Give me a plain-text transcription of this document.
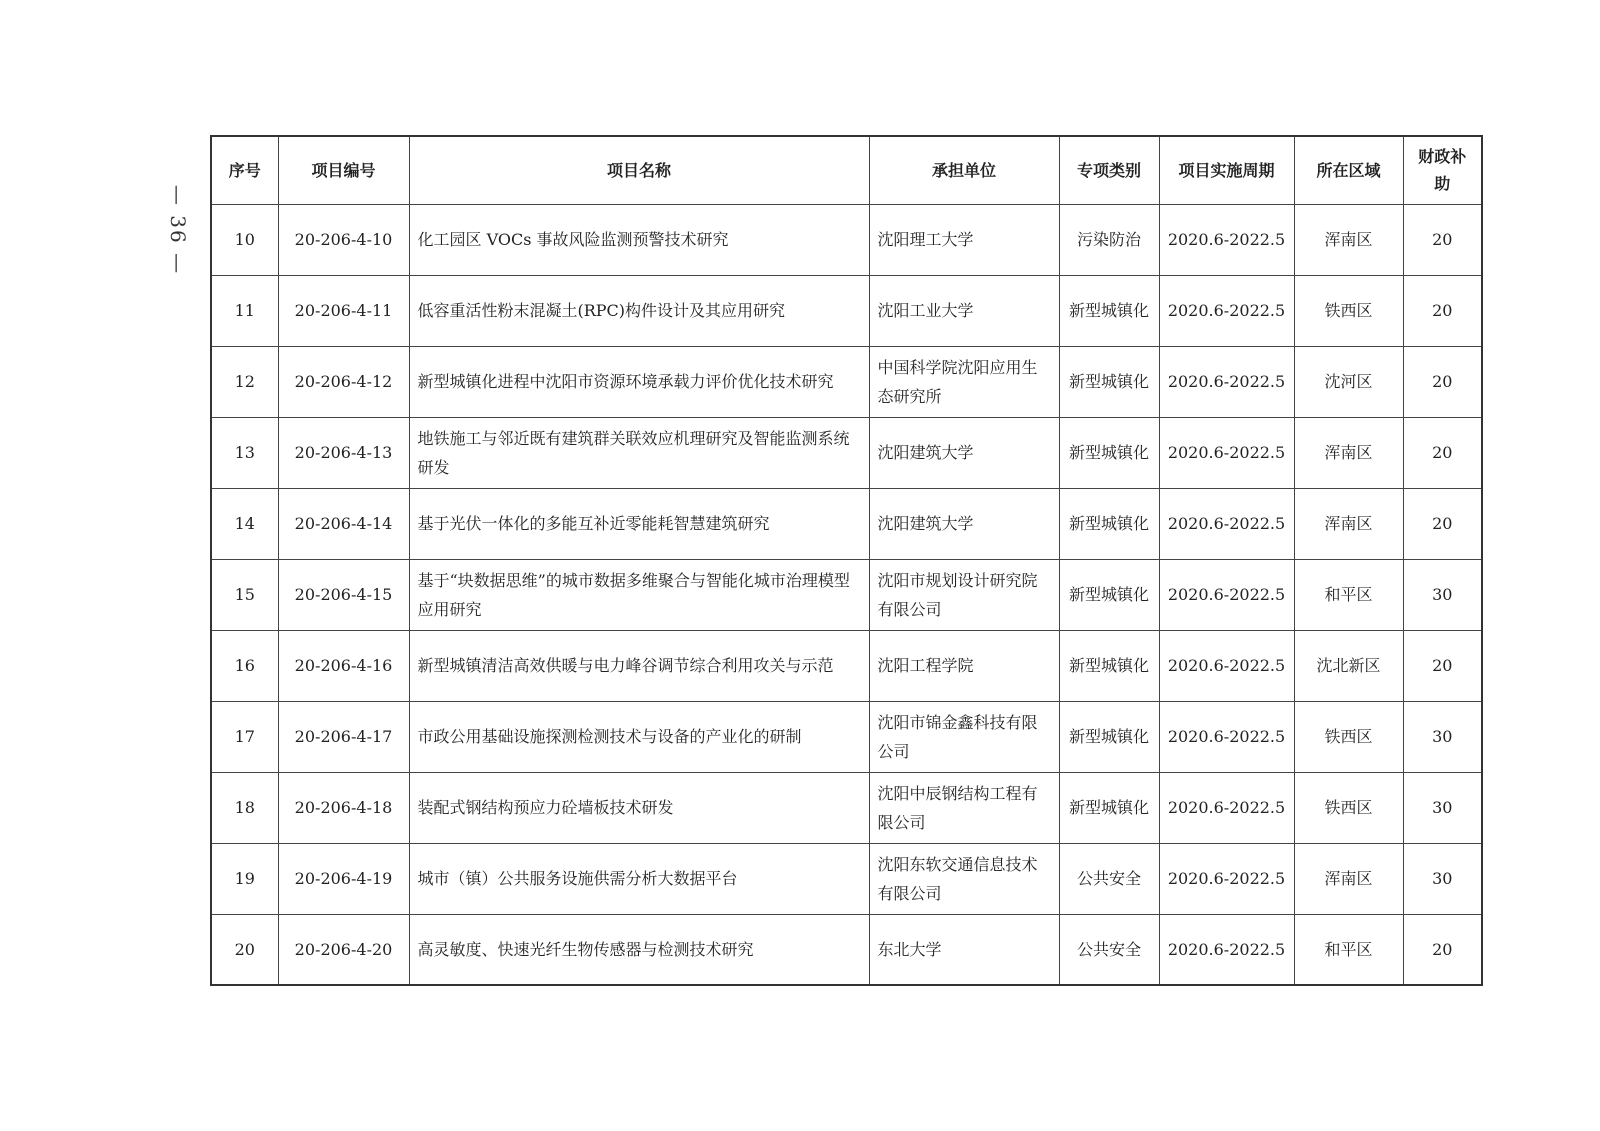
— 36 —
序号	项目编号	项目名称	承担单位	专项类别	项目实施周期	所在区域	财政补助
10	20-206-4-10	化工园区 VOCs 事故风险监测预警技术研究	沈阳理工大学	污染防治	2020.6-2022.5	浑南区	20
11	20-206-4-11	低容重活性粉末混凝土(RPC)构件设计及其应用研究	沈阳工业大学	新型城镇化	2020.6-2022.5	铁西区	20
12	20-206-4-12	新型城镇化进程中沈阳市资源环境承载力评价优化技术研究	中国科学院沈阳应用生态研究所	新型城镇化	2020.6-2022.5	沈河区	20
13	20-206-4-13	地铁施工与邻近既有建筑群关联效应机理研究及智能监测系统研发	沈阳建筑大学	新型城镇化	2020.6-2022.5	浑南区	20
14	20-206-4-14	基于光伏一体化的多能互补近零能耗智慧建筑研究	沈阳建筑大学	新型城镇化	2020.6-2022.5	浑南区	20
15	20-206-4-15	基于“块数据思维”的城市数据多维聚合与智能化城市治理模型应用研究	沈阳市规划设计研究院有限公司	新型城镇化	2020.6-2022.5	和平区	30
16	20-206-4-16	新型城镇清洁高效供暖与电力峰谷调节综合利用攻关与示范	沈阳工程学院	新型城镇化	2020.6-2022.5	沈北新区	20
17	20-206-4-17	市政公用基础设施探测检测技术与设备的产业化的研制	沈阳市锦金鑫科技有限公司	新型城镇化	2020.6-2022.5	铁西区	30
18	20-206-4-18	装配式钢结构预应力砼墙板技术研发	沈阳中辰钢结构工程有限公司	新型城镇化	2020.6-2022.5	铁西区	30
19	20-206-4-19	城市（镇）公共服务设施供需分析大数据平台	沈阳东软交通信息技术有限公司	公共安全	2020.6-2022.5	浑南区	30
20	20-206-4-20	高灵敏度、快速光纤生物传感器与检测技术研究	东北大学	公共安全	2020.6-2022.5	和平区	20
